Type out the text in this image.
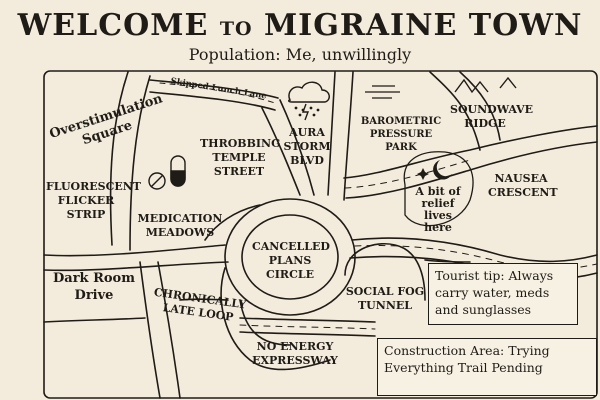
WELCOME TO MIGRAINE TOWN
Population: Me, unwillingly
Overstimulation Square
Skipped Lunch Lane
FLUORESCENT FLICKER STRIP	MEDICATION MEADOWS
THROBBING TEMPLE STREET
AURA STORM BLVD
BAROMETRIC PRESSURE PARK
SOUNDWAVE RIDGE
NAUSEA CRESCENT
A bit of relief lives here
CANCELLED PLANS CIRCLE
Dark Room Drive	CHRONICALLY LATE LOOP
SOCIAL FOG TUNNEL
NO ENERGY EXPRESSWAY
Tourist tip: Always carry water, meds and sunglasses
Construction Area: Trying Everything Trail Pending
